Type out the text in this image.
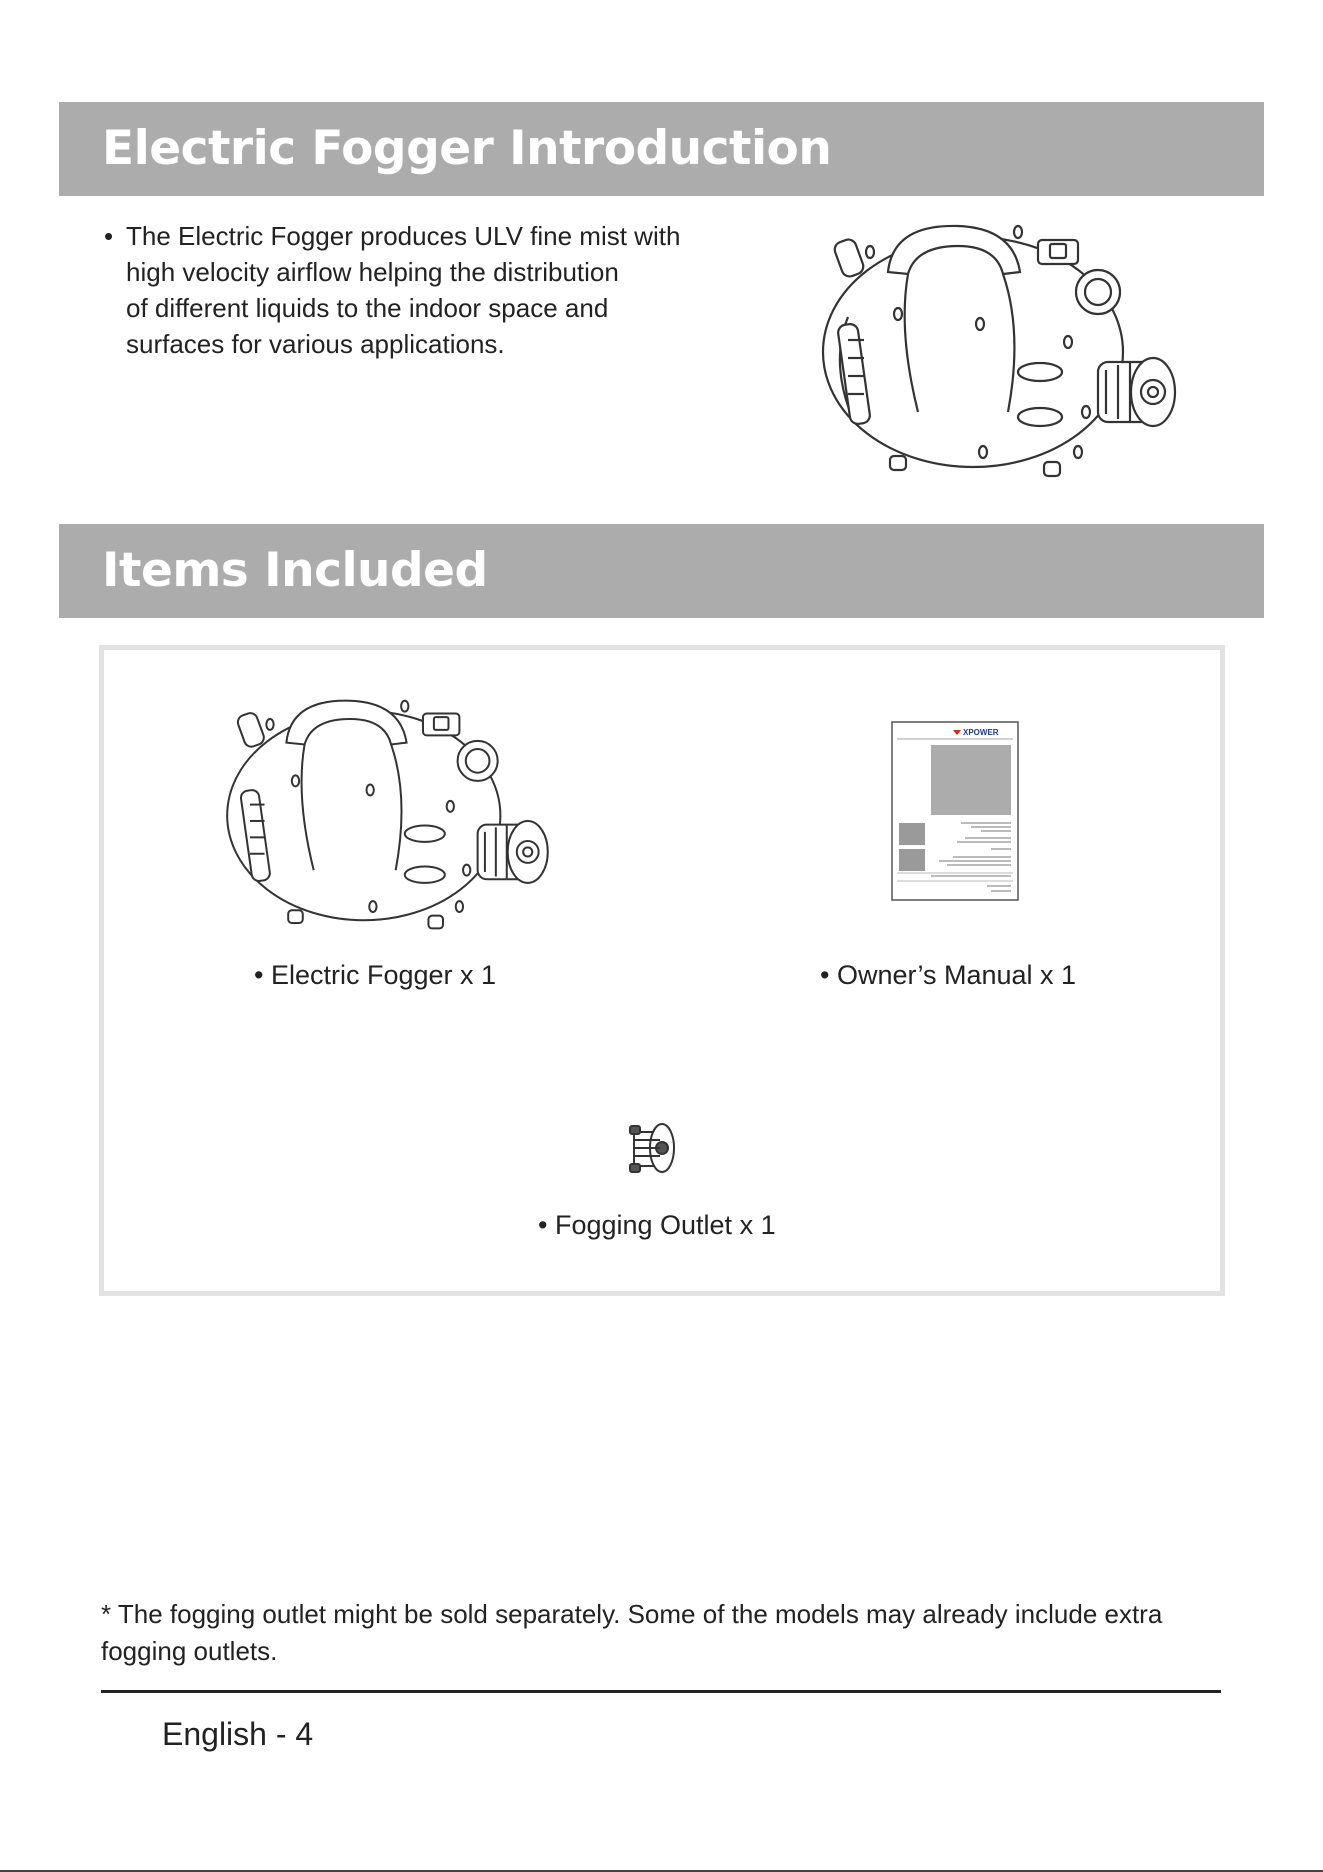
Electric Fogger Introduction
• The Electric Fogger produces ULV fine mist with
high velocity airflow helping the distribution
of different liquids to the indoor space and
surfaces for various applications.
Items Included
XPOWER
• Electric Fogger x 1	• Owner’s Manual x 1
• Fogging Outlet x 1
* The fogging outlet might be sold separately. Some of the models may already include extra fogging outlets.
English - 4
